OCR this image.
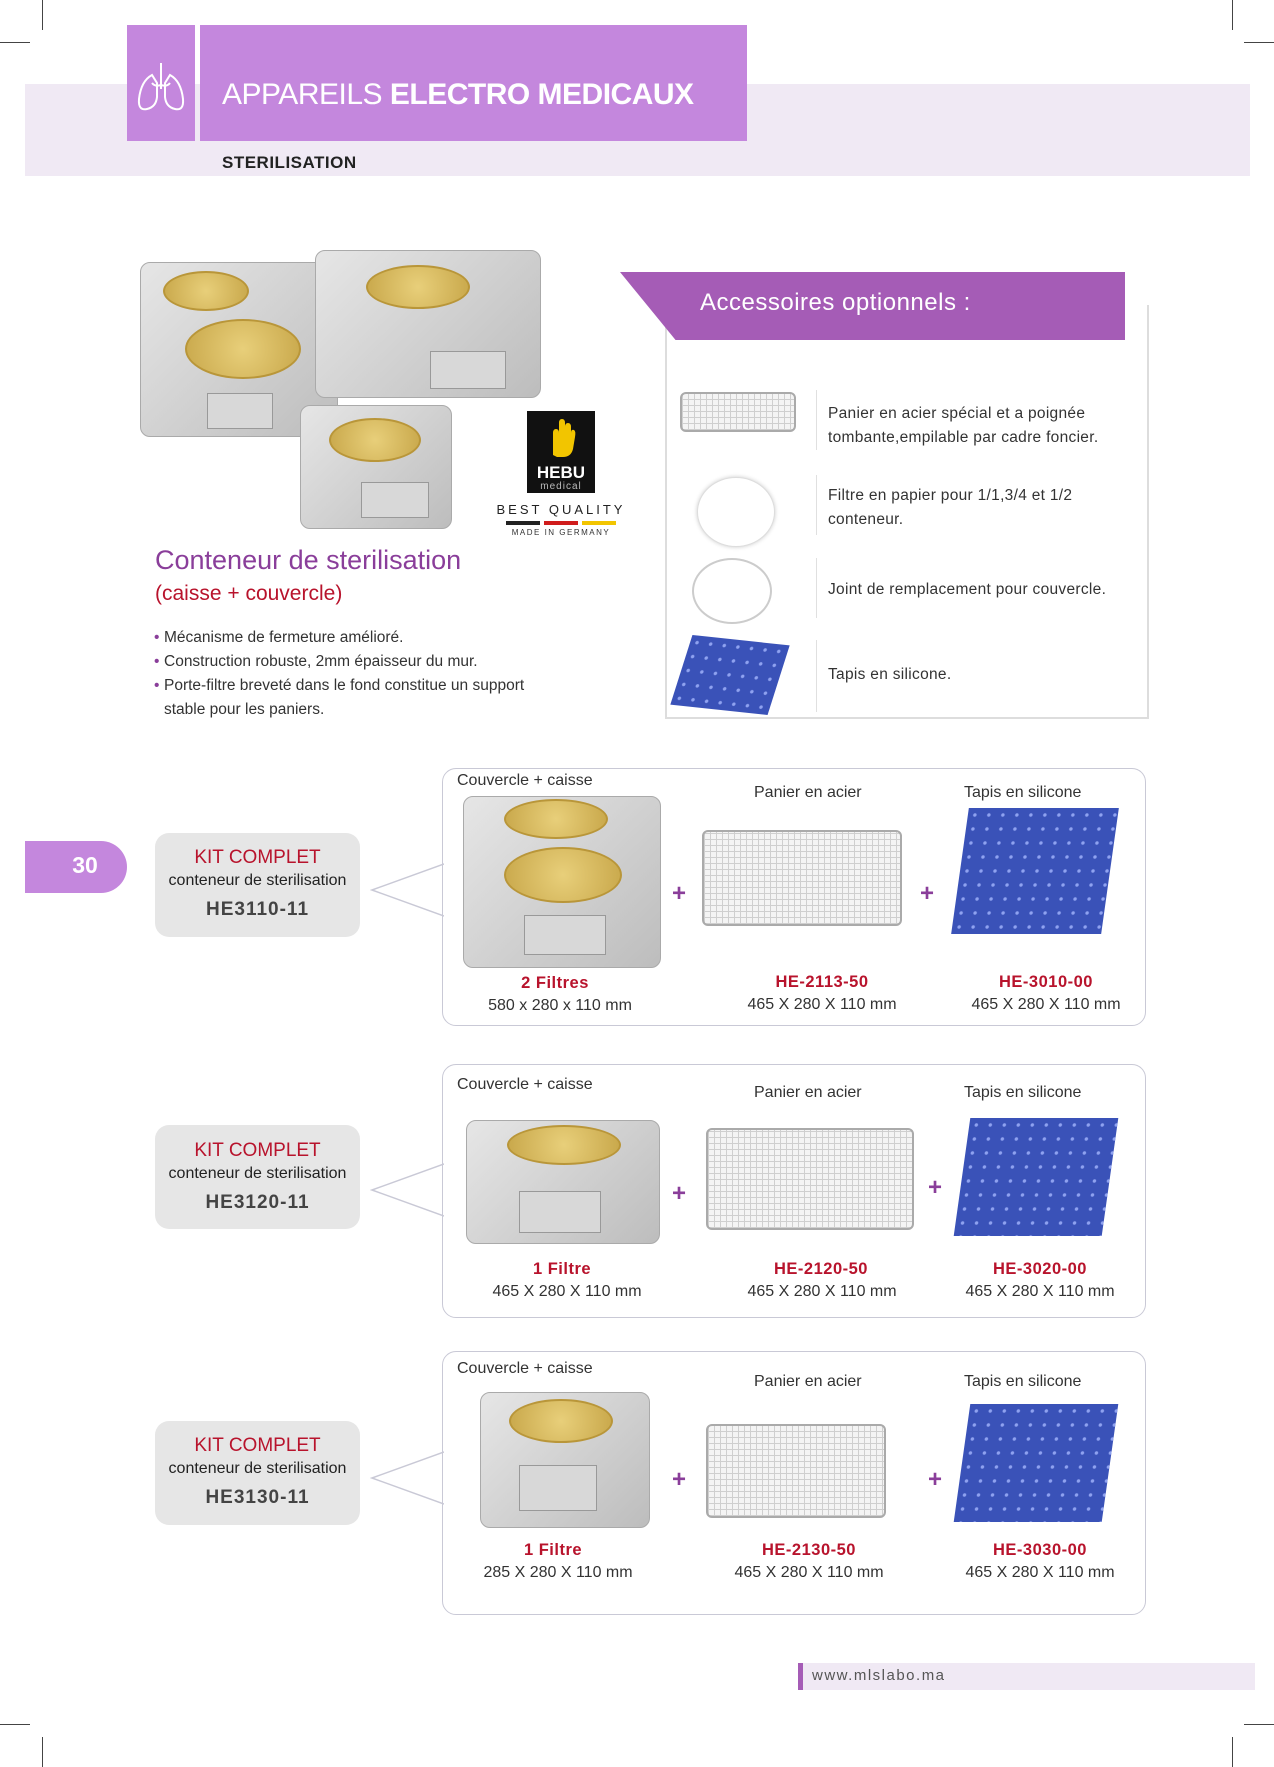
APPAREILS ELECTRO MEDICAUX
STERILISATION
HEBU
medical
BEST QUALITY
MADE IN GERMANY
Conteneur de sterilisation
(caisse + couvercle)
• Mécanisme de fermeture amélioré.
• Construction robuste, 2mm épaisseur du mur.
• Porte-filtre breveté dans le fond constitue un support stable pour les paniers.
Accessoires optionnels :
Panier en acier spécial et a poignée tombante,empilable par cadre foncier.
Filtre en papier pour 1/1,3/4 et 1/2 conteneur.
Joint de remplacement pour couvercle.
Tapis en silicone.
30	KIT COMPLET
conteneur de sterilisation
HE3110-11
Couvercle + caisse
Panier en acier	Tapis en silicone
+	+
2 Filtres
580 x 280 x 110 mm
HE-2113-50
465 X 280 X 110 mm
HE-3010-00
465 X 280 X 110 mm
KIT COMPLET
conteneur de sterilisation
HE3120-11
Couvercle + caisse	Panier en acier	Tapis en silicone
+	+
1 Filtre
465 X 280 X 110 mm
HE-2120-50
465 X 280 X 110 mm
HE-3020-00
465 X 280 X 110 mm
KIT COMPLET
conteneur de sterilisation
HE3130-11
Couvercle + caisse
Panier en acier	Tapis en silicone
+	+
1 Filtre
285 X 280 X 110 mm
HE-2130-50
465 X 280 X 110 mm
HE-3030-00
465 X 280 X 110 mm
www.mlslabo.ma
